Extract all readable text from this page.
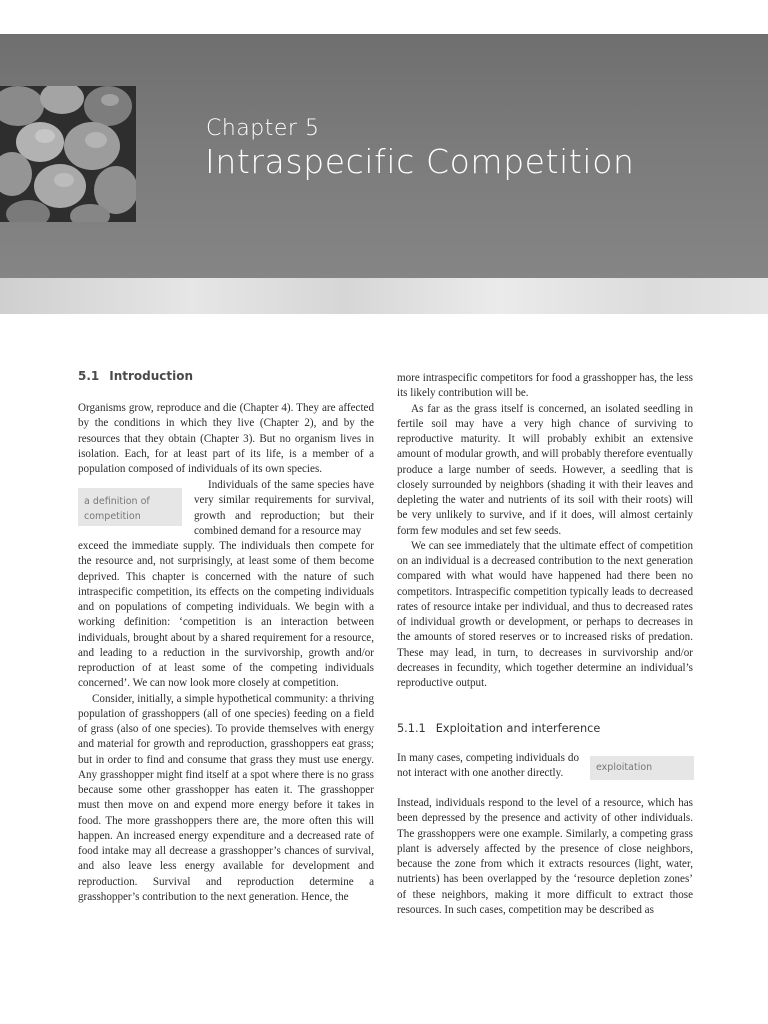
Chapter 5
Intraspecific Competition
5.1 Introduction
Organisms grow, reproduce and die (Chapter 4). They are affected by the conditions in which they live (Chapter 2), and by the resources that they obtain (Chapter 3). But no organism lives in isolation. Each, for at least part of its life, is a member of a population composed of individuals of its own species.
a definition of competition
Individuals of the same species have very similar requirements for survival, growth and reproduction; but their combined demand for a resource may
exceed the immediate supply. The individuals then compete for the resource and, not surprisingly, at least some of them become deprived. This chapter is concerned with the nature of such intraspecific competition, its effects on the competing individuals and on populations of competing individuals. We begin with a working definition: ‘competition is an interaction between individuals, brought about by a shared requirement for a resource, and leading to a reduction in the survivorship, growth and/or reproduction of at least some of the competing individuals concerned’. We can now look more closely at competition.
Consider, initially, a simple hypothetical community: a thriving population of grasshoppers (all of one species) feeding on a field of grass (also of one species). To provide themselves with energy and material for growth and reproduction, grasshoppers eat grass; but in order to find and consume that grass they must use energy. Any grasshopper might find itself at a spot where there is no grass because some other grasshopper has eaten it. The grasshopper must then move on and expend more energy before it takes in food. The more grasshoppers there are, the more often this will happen. An increased energy expenditure and a decreased rate of food intake may all decrease a grasshopper’s chances of survival, and also leave less energy available for development and reproduction. Survival and reproduction determine a grasshopper’s contribution to the next generation. Hence, the
more intraspecific competitors for food a grasshopper has, the less its likely contribution will be.
As far as the grass itself is concerned, an isolated seedling in fertile soil may have a very high chance of surviving to reproductive maturity. It will probably exhibit an extensive amount of modular growth, and will probably therefore eventually produce a large number of seeds. However, a seedling that is closely surrounded by neighbors (shading it with their leaves and depleting the water and nutrients of its soil with their roots) will be very unlikely to survive, and if it does, will almost certainly form few modules and set few seeds.
We can see immediately that the ultimate effect of competition on an individual is a decreased contribution to the next generation compared with what would have happened had there been no competitors. Intraspecific competition typically leads to decreased rates of resource intake per individual, and thus to decreased rates of individual growth or development, or perhaps to decreases in the amounts of stored reserves or to increased risks of predation. These may lead, in turn, to decreases in survivorship and/or decreases in fecundity, which together determine an individual’s reproductive output.
5.1.1 Exploitation and interference
In many cases, competing individuals do not interact with one another directly.	exploitation
Instead, individuals respond to the level of a resource, which has been depressed by the presence and activity of other individuals. The grasshoppers were one example. Similarly, a competing grass plant is adversely affected by the presence of close neighbors, because the zone from which it extracts resources (light, water, nutrients) has been overlapped by the ‘resource depletion zones’ of these neighbors, making it more difficult to extract those resources. In such cases, competition may be described as
